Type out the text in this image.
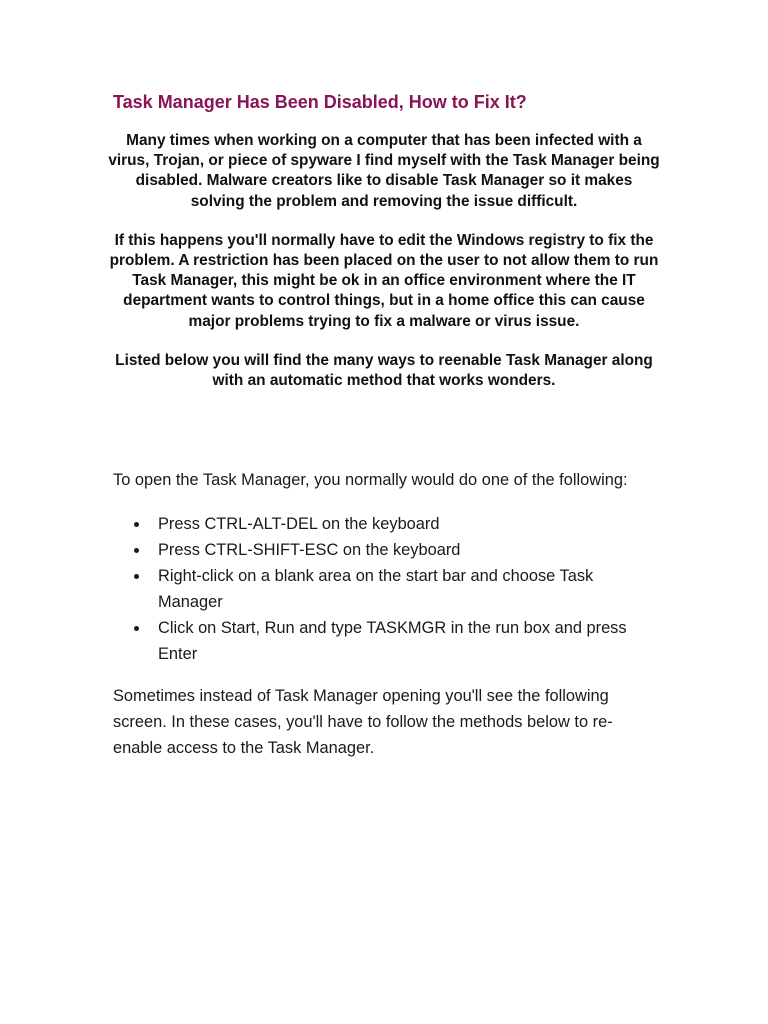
Task Manager Has Been Disabled, How to Fix It?

Many times when working on a computer that has been infected with a virus, Trojan, or piece of spyware I find myself with the Task Manager being disabled. Malware creators like to disable Task Manager so it makes solving the problem and removing the issue difficult.

If this happens you'll normally have to edit the Windows registry to fix the problem. A restriction has been placed on the user to not allow them to run Task Manager, this might be ok in an office environment where the IT department wants to control things, but in a home office this can cause major problems trying to fix a malware or virus issue.

Listed below you will find the many ways to reenable Task Manager along with an automatic method that works wonders.

To open the Task Manager, you normally would do one of the following:

Press CTRL-ALT-DEL on the keyboard
Press CTRL-SHIFT-ESC on the keyboard
Right-click on a blank area on the start bar and choose Task Manager
Click on Start, Run and type TASKMGR in the run box and press Enter

Sometimes instead of Task Manager opening you'll see the following screen. In these cases, you'll have to follow the methods below to re-enable access to the Task Manager.
